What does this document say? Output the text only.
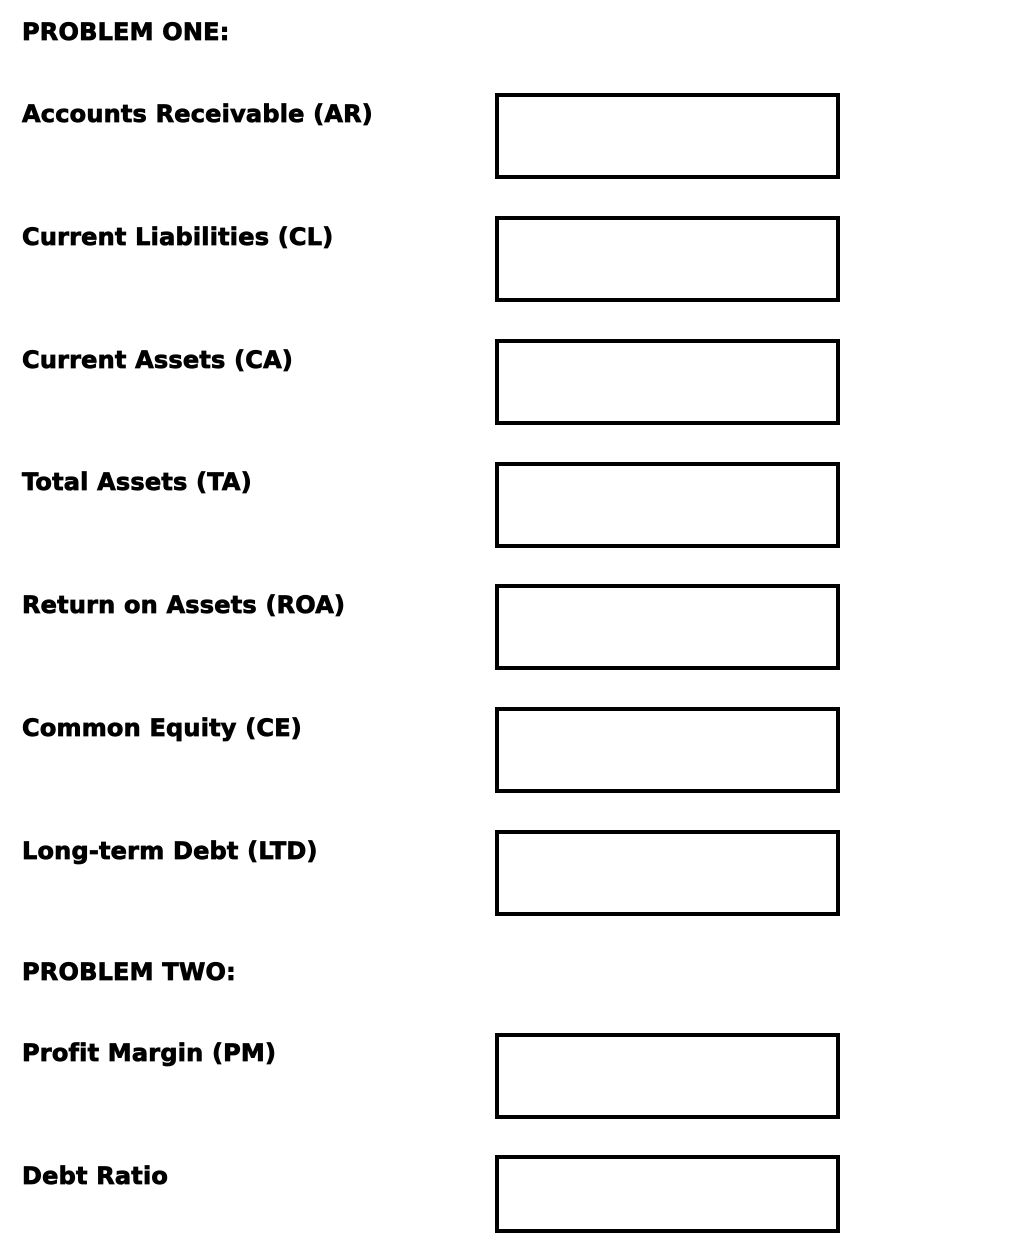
PROBLEM ONE:
Accounts Receivable (AR)
Current Liabilities (CL)
Current Assets (CA)
Total Assets (TA)
Return on Assets (ROA)
Common Equity (CE)
Long-term Debt (LTD)
PROBLEM TWO:
Profit Margin (PM)
Debt Ratio
